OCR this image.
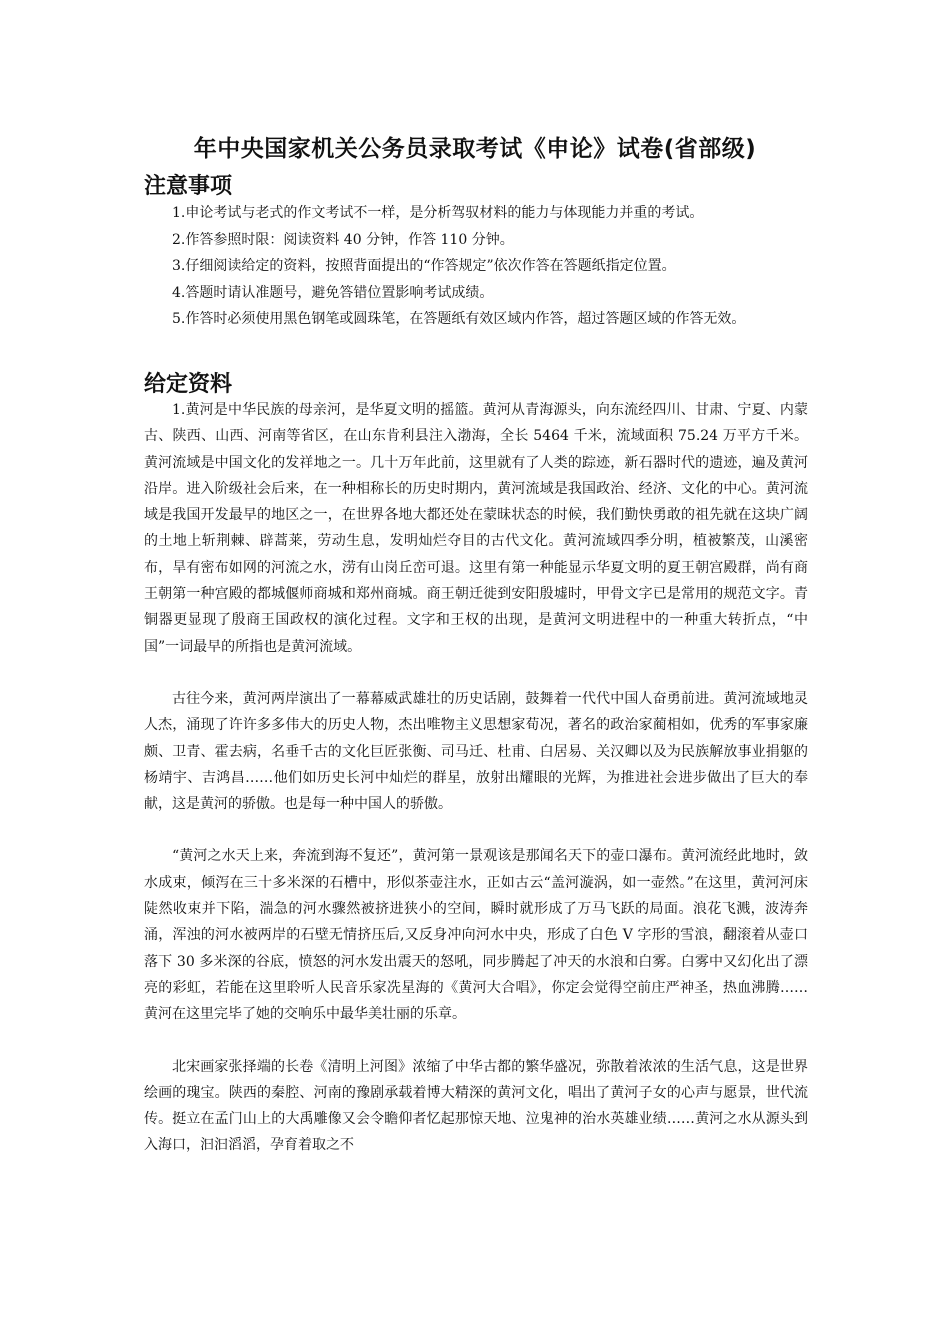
年中央国家机关公务员录取考试《申论》试卷(省部级)
注意事项
1.申论考试与老式的作文考试不一样，是分析驾驭材料的能力与体现能力并重的考试。
2.作答参照时限：阅读资料 40 分钟，作答 110 分钟。
3.仔细阅读给定的资料，按照背面提出的“作答规定”依次作答在答题纸指定位置。
4.答题时请认准题号，避免答错位置影响考试成绩。
5.作答时必须使用黑色钢笔或圆珠笔，在答题纸有效区域内作答，超过答题区域的作答无效。
给定资料

1.黄河是中华民族的母亲河，是华夏文明的摇篮。黄河从青海源头，向东流经四川、甘肃、宁夏、内蒙古、陕西、山西、河南等省区，在山东肯利县注入渤海，全长 5464 千米，流域面积 75.24 万平方千米。黄河流域是中国文化的发祥地之一。几十万年此前，这里就有了人类的踪迹，新石器时代的遗迹，遍及黄河沿岸。进入阶级社会后来，在一种相称长的历史时期内，黄河流域是我国政治、经济、文化的中心。黄河流域是我国开发最早的地区之一，在世界各地大都还处在蒙昧状态的时候，我们勤快勇敢的祖先就在这块广阔的土地上斩荆棘、辟蒿莱，劳动生息，发明灿烂夺目的古代文化。黄河流域四季分明，植被繁茂，山溪密布，旱有密布如网的河流之水，涝有山岗丘峦可退。这里有第一种能显示华夏文明的夏王朝宫殿群，尚有商王朝第一种宫殿的都城偃师商城和郑州商城。商王朝迁徙到安阳殷墟时，甲骨文字已是常用的规范文字。青铜器更显现了殷商王国政权的演化过程。文字和王权的出现，是黄河文明进程中的一种重大转折点，“中国”一词最早的所指也是黄河流域。

古往今来，黄河两岸演出了一幕幕威武雄壮的历史话剧，鼓舞着一代代中国人奋勇前进。黄河流域地灵人杰，涌现了许许多多伟大的历史人物，杰出唯物主义思想家荀况，著名的政治家蔺相如，优秀的军事家廉颇、卫青、霍去病，名垂千古的文化巨匠张衡、司马迁、杜甫、白居易、关汉卿以及为民族解放事业捐躯的杨靖宇、吉鸿昌……他们如历史长河中灿烂的群星，放射出耀眼的光辉，为推进社会进步做出了巨大的奉献，这是黄河的骄傲。也是每一种中国人的骄傲。

“黄河之水天上来，奔流到海不复还”，黄河第一景观该是那闻名天下的壶口瀑布。黄河流经此地时，敛水成束，倾泻在三十多米深的石槽中，形似茶壶注水，正如古云“盖河漩涡，如一壶然。”在这里，黄河河床陡然收束并下陷，湍急的河水骤然被挤进狭小的空间，瞬时就形成了万马飞跃的局面。浪花飞溅，波涛奔涌，浑浊的河水被两岸的石壁无情挤压后,又反身冲向河水中央，形成了白色 V 字形的雪浪，翻滚着从壶口落下 30 多米深的谷底，愤怒的河水发出震天的怒吼，同步腾起了冲天的水浪和白雾。白雾中又幻化出了漂亮的彩虹，若能在这里聆听人民音乐家冼星海的《黄河大合唱》，你定会觉得空前庄严神圣，热血沸腾……黄河在这里完毕了她的交响乐中最华美壮丽的乐章。

北宋画家张择端的长卷《清明上河图》浓缩了中华古都的繁华盛况，弥散着浓浓的生活气息，这是世界绘画的瑰宝。陕西的秦腔、河南的豫剧承载着博大精深的黄河文化，唱出了黄河子女的心声与愿景，世代流传。挺立在孟门山上的大禹雕像又会令瞻仰者忆起那惊天地、泣鬼神的治水英雄业绩……黄河之水从源头到入海口，汩汩滔滔，孕育着取之不
